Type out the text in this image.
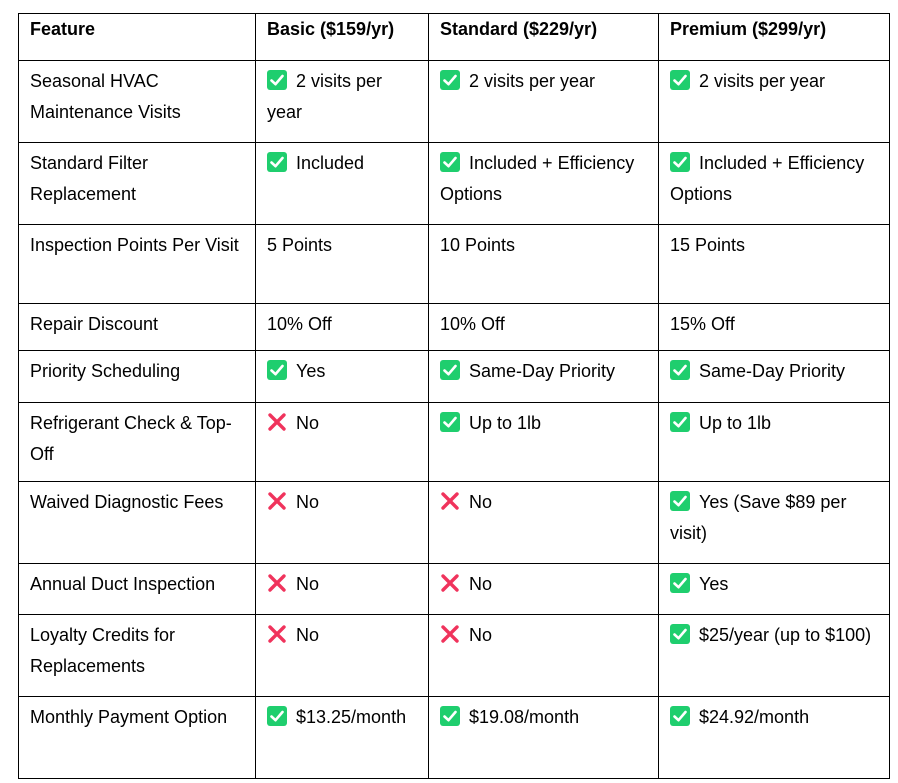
Feature	Basic ($159/yr)	Standard ($229/yr)	Premium ($299/yr)
Seasonal HVAC Maintenance Visits	2 visits per year	2 visits per year	2 visits per year
Standard Filter Replacement	Included	Included + Efficiency Options	Included + Efficiency Options
Inspection Points Per Visit	5 Points	10 Points	15 Points
Repair Discount	10% Off	10% Off	15% Off
Priority Scheduling	Yes	Same-Day Priority	Same-Day Priority
Refrigerant Check & Top-Off	No	Up to 1lb	Up to 1lb
Waived Diagnostic Fees	No	No	Yes (Save $89 per visit)
Annual Duct Inspection	No	No	Yes
Loyalty Credits for Replacements	No	No	$25/year (up to $100)
Monthly Payment Option	$13.25/month	$19.08/month	$24.92/month
